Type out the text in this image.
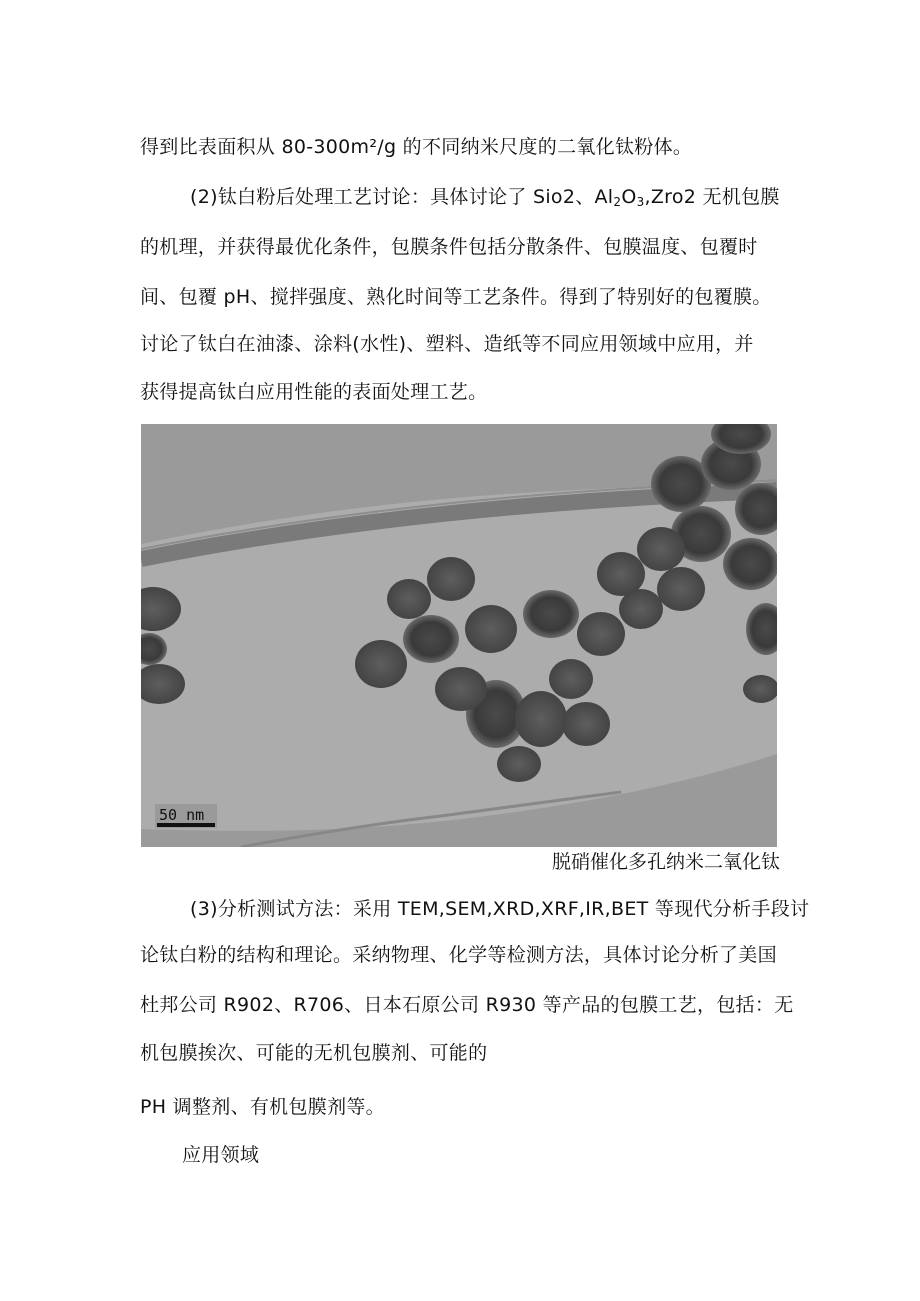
得到比表面积从 80-300m²/g 的不同纳米尺度的二氧化钛粉体。
(2)钛白粉后处理工艺讨论：具体讨论了 Sio2、$Al_2O_3,Zro2$ 无机包膜
的机理，并获得最优化条件，包膜条件包括分散条件、包膜温度、包覆时
间、包覆 pH、搅拌强度、熟化时间等工艺条件。得到了特别好的包覆膜。
讨论了钛白在油漆、涂料(水性)、塑料、造纸等不同应用领域中应用，并
获得提高钛白应用性能的表面处理工艺。
50 nm
脱硝催化多孔纳米二氧化钛
(3)分析测试方法：采用 TEM,SEM,XRD,XRF,IR,BET 等现代分析手段讨
论钛白粉的结构和理论。采纳物理、化学等检测方法，具体讨论分析了美国
杜邦公司 R902、R706、日本石原公司 R930 等产品的包膜工艺，包括：无
机包膜挨次、可能的无机包膜剂、可能的
PH 调整剂、有机包膜剂等。
应用领域
